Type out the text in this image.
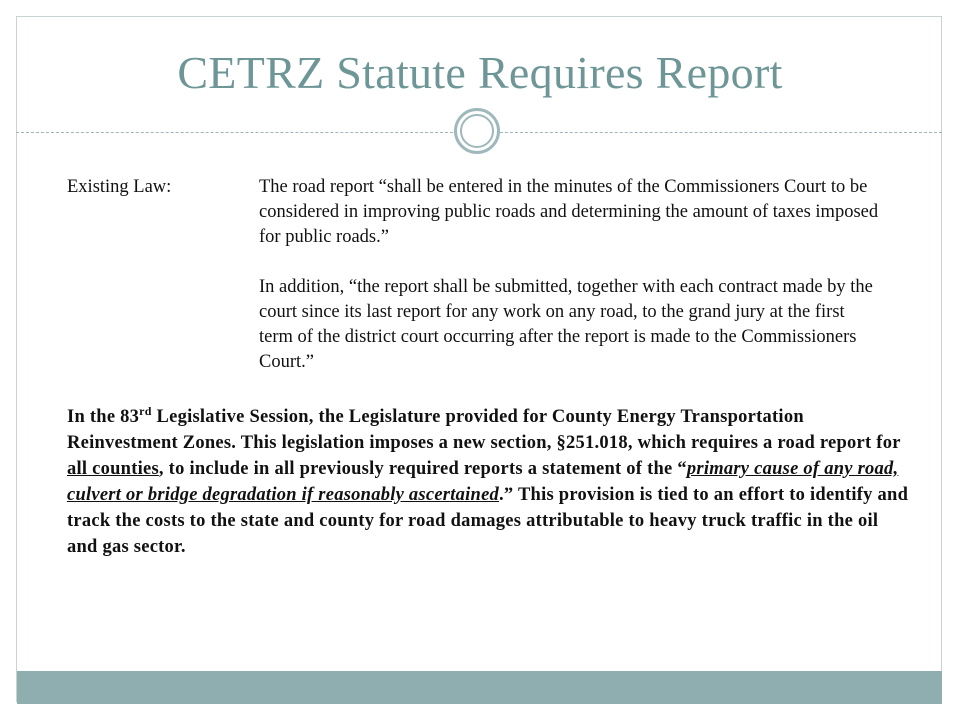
CETRZ Statute Requires Report
Existing Law:	The road report “shall be entered in the minutes of the Commissioners Court to be considered in improving public roads and determining the amount of taxes imposed for public roads.”

In addition, “the report shall be submitted, together with each contract made by the court since its last report for any work on any road, to the grand jury at the first term of the district court occurring after the report is made to the Commissioners Court.”

In the 83rd Legislative Session, the Legislature provided for County Energy Transportation Reinvestment Zones. This legislation imposes a new section, §251.018, which requires a road report for all counties, to include in all previously required reports a statement of the “primary cause of any road, culvert or bridge degradation if reasonably ascertained.” This provision is tied to an effort to identify and track the costs to the state and county for road damages attributable to heavy truck traffic in the oil and gas sector.
